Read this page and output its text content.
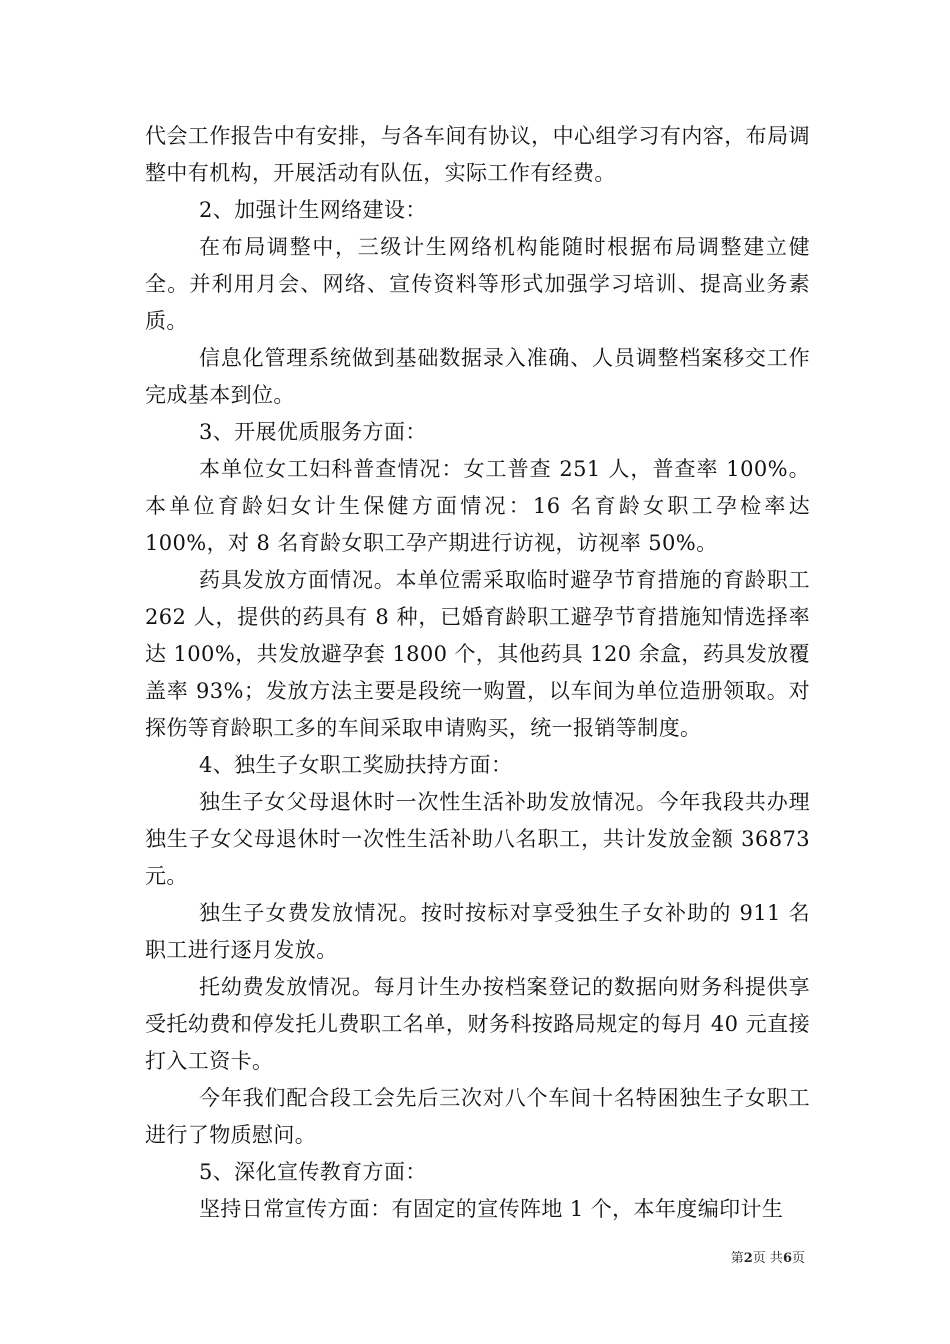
代会工作报告中有安排，与各车间有协议，中心组学习有内容，布局调整中有机构，开展活动有队伍，实际工作有经费。

2、加强计生网络建设：

在布局调整中，三级计生网络机构能随时根据布局调整建立健全。并利用月会、网络、宣传资料等形式加强学习培训、提高业务素质。

信息化管理系统做到基础数据录入准确、人员调整档案移交工作完成基本到位。

3、开展优质服务方面：

本单位女工妇科普查情况：女工普查 251 人，普查率 100%。本单位育龄妇女计生保健方面情况：16 名育龄女职工孕检率达 100%，对 8 名育龄女职工孕产期进行访视，访视率 50%。

药具发放方面情况。本单位需采取临时避孕节育措施的育龄职工 262 人，提供的药具有 8 种，已婚育龄职工避孕节育措施知情选择率达 100%，共发放避孕套 1800 个，其他药具 120 余盒，药具发放覆盖率 93%；发放方法主要是段统一购置，以车间为单位造册领取。对探伤等育龄职工多的车间采取申请购买，统一报销等制度。

4、独生子女职工奖励扶持方面：

独生子女父母退休时一次性生活补助发放情况。今年我段共办理独生子女父母退休时一次性生活补助八名职工，共计发放金额 36873 元。

独生子女费发放情况。按时按标对享受独生子女补助的 911 名职工进行逐月发放。

托幼费发放情况。每月计生办按档案登记的数据向财务科提供享受托幼费和停发托儿费职工名单，财务科按路局规定的每月 40 元直接打入工资卡。

今年我们配合段工会先后三次对八个车间十名特困独生子女职工进行了物质慰问。

5、深化宣传教育方面：

坚持日常宣传方面：有固定的宣传阵地 1 个，本年度编印计生

第2页 共6页
